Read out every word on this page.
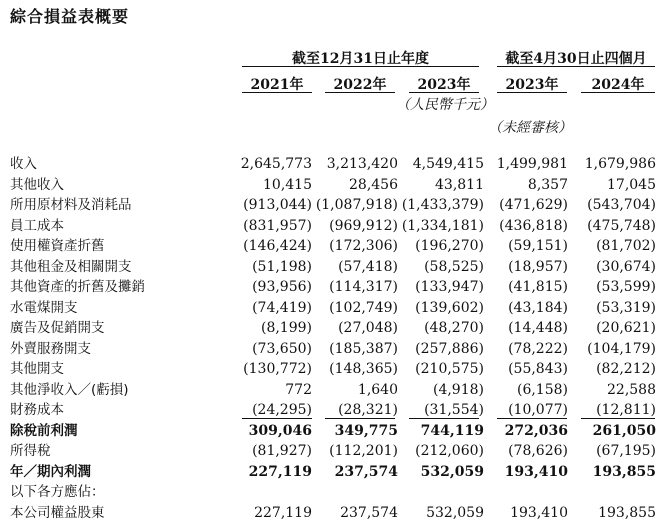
綜合損益表概要
截至12月31日止年度	截至4月30日止四個月
2021年	2022年	2023年	2023年	2024年
（人民幣千元）
（未經審核）
收入	2,645,773	3,213,420	4,549,415 1,499,981	1,679,986
其他收入	10,415	28,456	43,811	8,357	17,045
所用原材料及消耗品	(913,044) (1,087,918) (1,433,379)	(471,629)	(543,704)
員工成本	(831,957)	(969,912) (1,334,181)	(436,818)	(475,748)
使用權資產折舊	(146,424)	(172,306)	(196,270)	(59,151)	(81,702)
其他租金及相關開支	(51,198)	(57,418)	(58,525)	(18,957)	(30,674)
其他資產的折舊及攤銷	(93,956)	(114,317)	(133,947)	(41,815)	(53,599)
水電煤開支	(74,419)	(102,749)	(139,602)	(43,184)	(53,319)
廣告及促銷開支	(8,199)	(27,048)	(48,270)	(14,448)	(20,621)
外賣服務開支	(73,650)	(185,387)	(257,886)	(78,222)	(104,179)
其他開支	(130,772)	(148,365)	(210,575)	(55,843)	(82,212)
其他淨收入／(虧損)	772	1,640	(4,918)	(6,158)	22,588
財務成本	(24,295)	(28,321)	(31,554)	(10,077)	(12,811)
除稅前利潤	309,046	349,775	744,119	272,036	261,050
所得稅	(81,927)	(112,201)	(212,060)	(78,626)	(67,195)
年／期內利潤	227,119	237,574	532,059	193,410	193,855
以下各方應佔：
本公司權益股東	227,119	237,574	532,059	193,410	193,855
